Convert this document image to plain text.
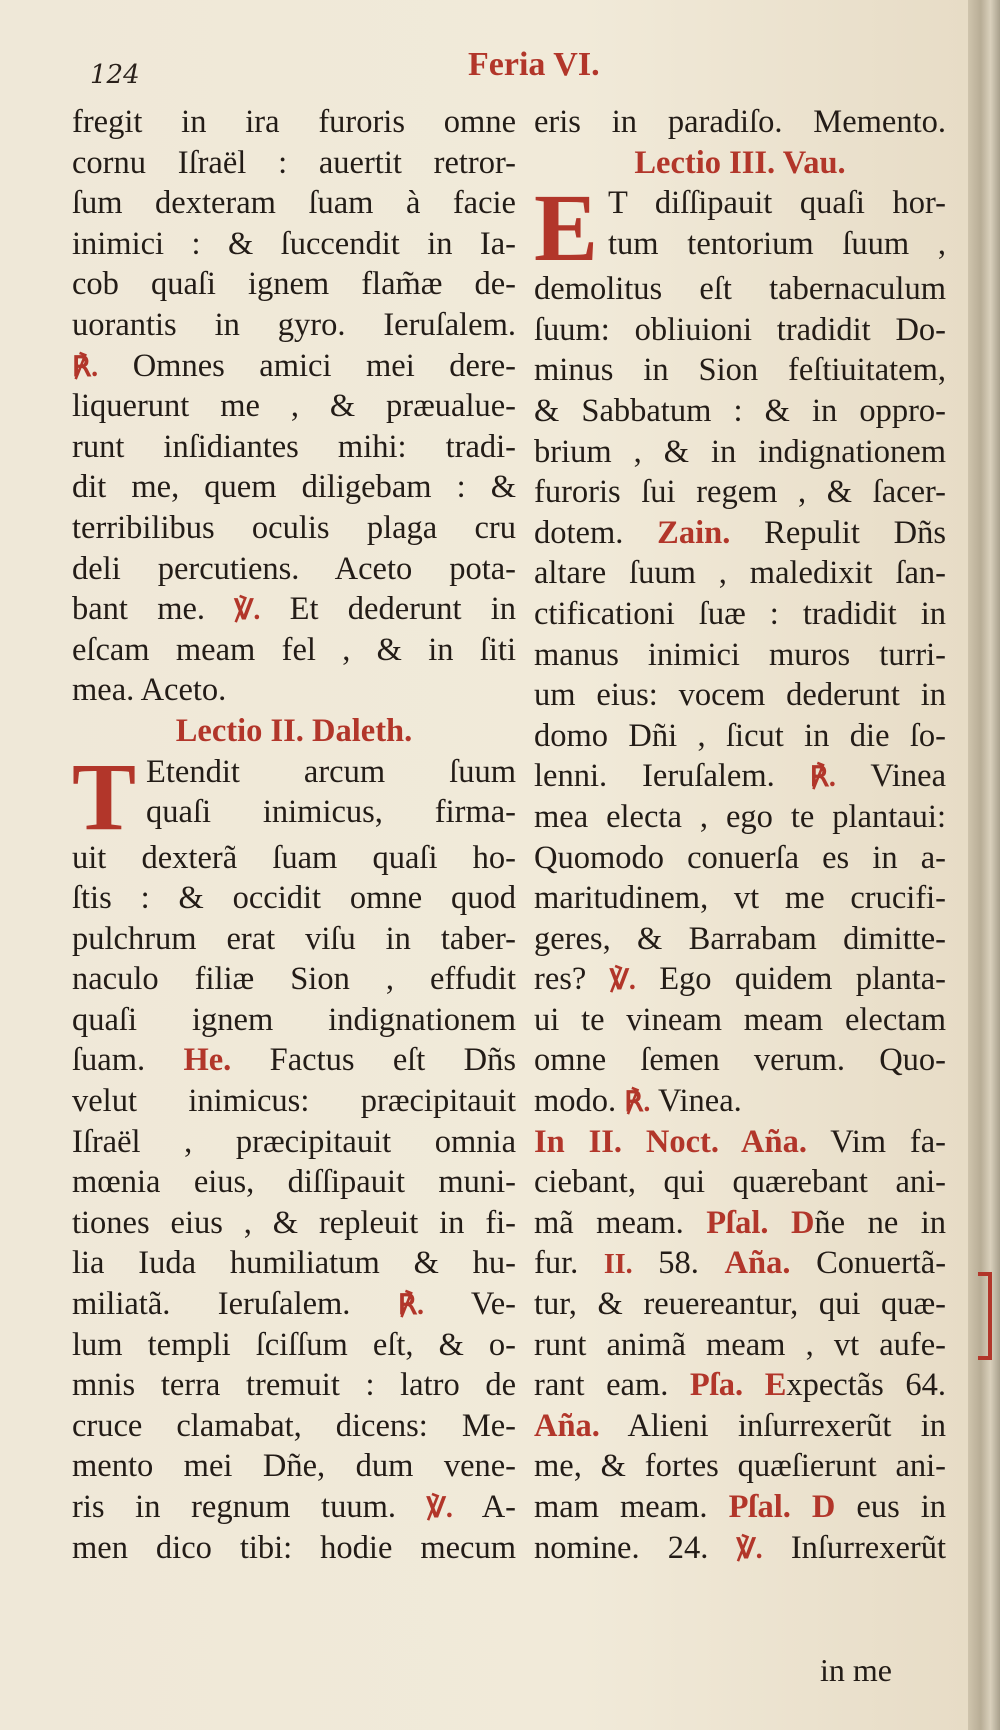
124	Feria VI.
fregit in ira furoris omne
cornu Iſraël : auertit retror-
ſum dexteram ſuam à facie
inimici : & ſuccendit in Ia-
cob quaſi ignem flam̃æ de-
uorantis in gyro. Ieruſalem.
℟. Omnes amici mei dere-
liquerunt me , & præualue-
runt inſidiantes mihi: tradi-
dit me, quem diligebam : &
terribilibus oculis plaga cru
deli percutiens. Aceto pota-
bant me. ℣. Et dederunt in
eſcam meam fel , & in ſiti
mea. Aceto.
Lectio II. Daleth.
T Etendit arcum ſuum
quaſi inimicus, firma-
uit dexterã ſuam quaſi ho-
ſtis : & occidit omne quod
pulchrum erat viſu in taber-
naculo filiæ Sion , effudit
quaſi ignem indignationem
ſuam. He. Factus eſt Dñs
velut inimicus: præcipitauit
Iſraël , præcipitauit omnia
mœnia eius, diſſipauit muni-
tiones eius , & repleuit in fi-
lia Iuda humiliatum & hu-
miliatã. Ieruſalem. ℟. Ve-
lum templi ſciſſum eſt, & o-
mnis terra tremuit : latro de
cruce clamabat, dicens: Me-
mento mei Dñe, dum vene-
ris in regnum tuum. ℣. A-
men dico tibi: hodie mecum
eris in paradiſo. Memento.
Lectio III. Vau.
E T diſſipauit quaſi hor-
tum tentorium ſuum ,
demolitus eſt tabernaculum
ſuum: obliuioni tradidit Do-
minus in Sion feſtiuitatem,
& Sabbatum : & in oppro-
brium , & in indignationem
furoris ſui regem , & ſacer-
dotem. Zain. Repulit Dñs
altare ſuum , maledixit ſan-
ctificationi ſuæ : tradidit in
manus inimici muros turri-
um eius: vocem dederunt in
domo Dñi , ſicut in die ſo-
lenni. Ieruſalem. ℟. Vinea
mea electa , ego te plantaui:
Quomodo conuerſa es in a-
maritudinem, vt me crucifi-
geres, & Barrabam dimitte-
res? ℣. Ego quidem planta-
ui te vineam meam electam
omne ſemen verum. Quo-
modo. ℟. Vinea.
In II. Noct. Aña. Vim fa-
ciebant, qui quærebant ani-
mã meam. Pſal. Dñe ne in
fur. II. 58. Aña. Conuertã-
tur, & reuereantur, qui quæ-
runt animã meam , vt aufe-
rant eam. Pſa. Expectãs 64.
Aña. Alieni inſurrexerũt in
me, & fortes quæſierunt ani-
mam meam. Pſal. D eus in
nomine. 24. ℣. Inſurrexerũt
in me
